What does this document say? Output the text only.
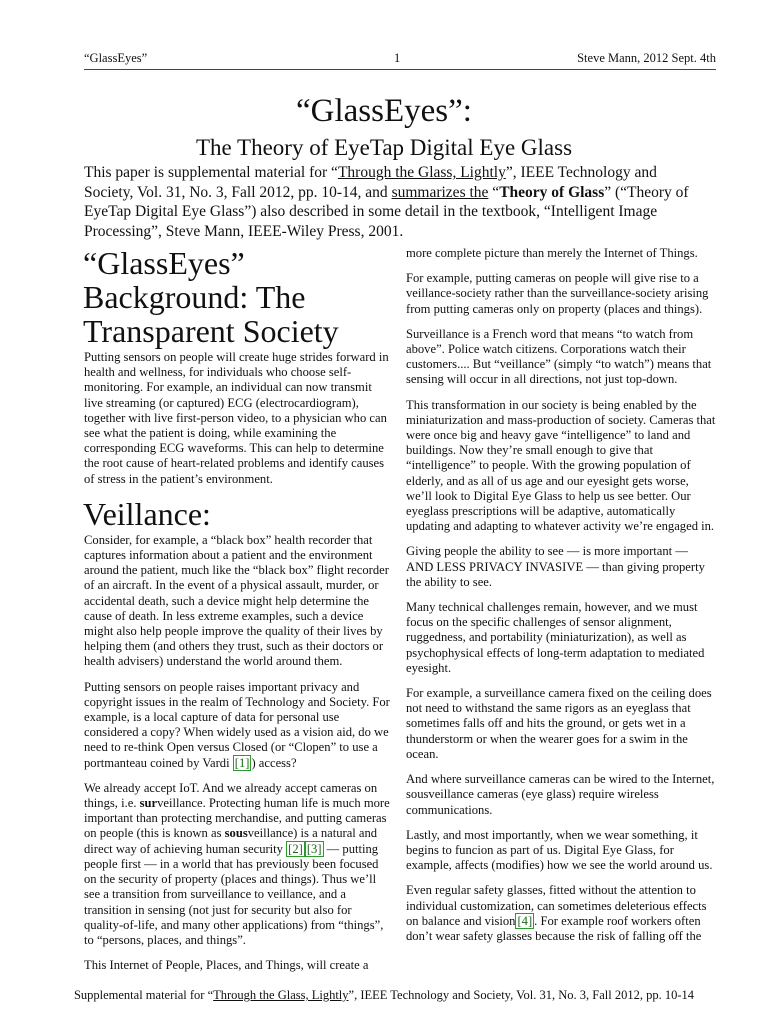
“GlassEyes”	1	Steve Mann, 2012 Sept. 4th
“GlassEyes”:
The Theory of EyeTap Digital Eye Glass
This paper is supplemental material for “Through the Glass, Lightly”, IEEE Technology and Society, Vol. 31, No. 3, Fall 2012, pp. 10-14, and summarizes the “Theory of Glass” (“Theory of EyeTap Digital Eye Glass”) also described in some detail in the textbook, “Intelligent Image Processing”, Steve Mann, IEEE-Wiley Press, 2001.
“GlassEyes” Background: The Transparent Society

Putting sensors on people will create huge strides forward in health and wellness, for individuals who choose self-monitoring. For example, an individual can now transmit live streaming (or captured) ECG (electrocardiogram), together with live first-person video, to a physician who can see what the patient is doing, while examining the corresponding ECG waveforms. This can help to determine the root cause of heart-related problems and identify causes of stress in the patient’s environment.

Veillance:

Consider, for example, a “black box” health recorder that captures information about a patient and the environment around the patient, much like the “black box” flight recorder of an aircraft. In the event of a physical assault, murder, or accidental death, such a device might help determine the cause of death. In less extreme examples, such a device might also help people improve the quality of their lives by helping them (and others they trust, such as their doctors or health advisers) understand the world around them.

Putting sensors on people raises important privacy and copyright issues in the realm of Technology and Society. For example, is a local capture of data for personal use considered a copy? When widely used as a vision aid, do we need to re-think Open versus Closed (or “Clopen” to use a portmanteau coined by Vardi [1] ) access?

We already accept IoT. And we already accept cameras on things, i.e. surveillance. Protecting human life is much more important than protecting merchandise, and putting cameras on people (this is known as sousveillance) is a natural and direct way of achieving human security [2] [3] — putting people first — in a world that has previously been focused on the security of property (places and things). Thus we’ll see a transition from surveillance to veillance, and a transition in sensing (not just for security but also for quality-of-life, and many other applications) from “things”, to “persons, places, and things”.

This Internet of People, Places, and Things, will create a

more complete picture than merely the Internet of Things.

For example, putting cameras on people will give rise to a veillance-society rather than the surveillance-society arising from putting cameras only on property (places and things).

Surveillance is a French word that means “to watch from above”. Police watch citizens. Corporations watch their customers.... But “veillance” (simply “to watch”) means that sensing will occur in all directions, not just top-down.

This transformation in our society is being enabled by the miniaturization and mass-production of society. Cameras that were once big and heavy gave “intelligence” to land and buildings. Now they’re small enough to give that “intelligence” to people. With the growing population of elderly, and as all of us age and our eyesight gets worse, we’ll look to Digital Eye Glass to help us see better. Our eyeglass prescriptions will be adaptive, automatically updating and adapting to whatever activity we’re engaged in.

Giving people the ability to see — is more important — AND LESS PRIVACY INVASIVE — than giving property the ability to see.

Many technical challenges remain, however, and we must focus on the specific challenges of sensor alignment, ruggedness, and portability (miniaturization), as well as psychophysical effects of long-term adaptation to mediated eyesight.

For example, a surveillance camera fixed on the ceiling does not need to withstand the same rigors as an eyeglass that sometimes falls off and hits the ground, or gets wet in a thunderstorm or when the wearer goes for a swim in the ocean.

And where surveillance cameras can be wired to the Internet, sousveillance cameras (eye glass) require wireless communications.

Lastly, and most importantly, when we wear something, it begins to funcion as part of us. Digital Eye Glass, for example, affects (modifies) how we see the world around us.

Even regular safety glasses, fitted without the attention to individual customization, can sometimes deleterious effects on balance and vision [4] . For example roof workers often don’t wear safety glasses because the risk of falling off the

Supplemental material for “Through the Glass, Lightly”, IEEE Technology and Society, Vol. 31, No. 3, Fall 2012, pp. 10-14
